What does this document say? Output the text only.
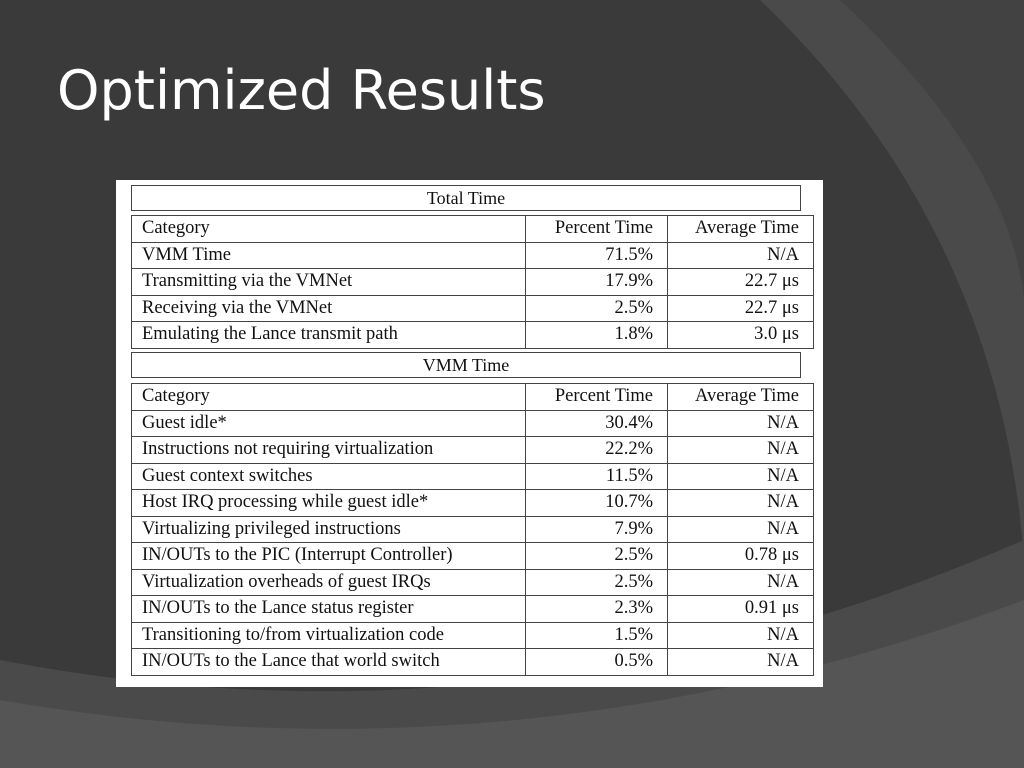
Optimized Results
Total Time
Category	Percent Time	Average Time
VMM Time	71.5%	N/A
Transmitting via the VMNet	17.9%	22.7 μs
Receiving via the VMNet	2.5%	22.7 μs
Emulating the Lance transmit path	1.8%	3.0 μs
VMM Time
Category	Percent Time	Average Time
Guest idle*	30.4%	N/A
Instructions not requiring virtualization	22.2%	N/A
Guest context switches	11.5%	N/A
Host IRQ processing while guest idle*	10.7%	N/A
Virtualizing privileged instructions	7.9%	N/A
IN/OUTs to the PIC (Interrupt Controller)	2.5%	0.78 μs
Virtualization overheads of guest IRQs	2.5%	N/A
IN/OUTs to the Lance status register	2.3%	0.91 μs
Transitioning to/from virtualization code	1.5%	N/A
IN/OUTs to the Lance that world switch	0.5%	N/A
